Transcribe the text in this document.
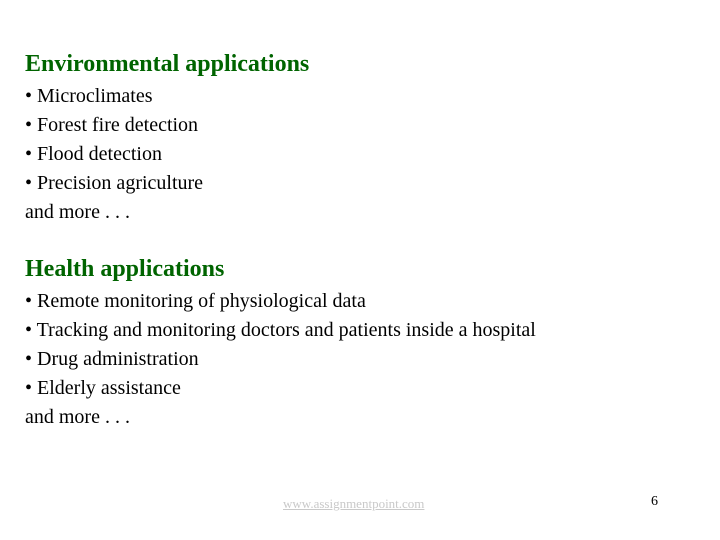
Environmental applications
• Microclimates
• Forest fire detection
• Flood detection
• Precision agriculture
and more . . .
Health applications
• Remote monitoring of physiological data
• Tracking and monitoring doctors and patients inside a hospital
• Drug administration
• Elderly assistance
and more . . .
www.assignmentpoint.com	6
